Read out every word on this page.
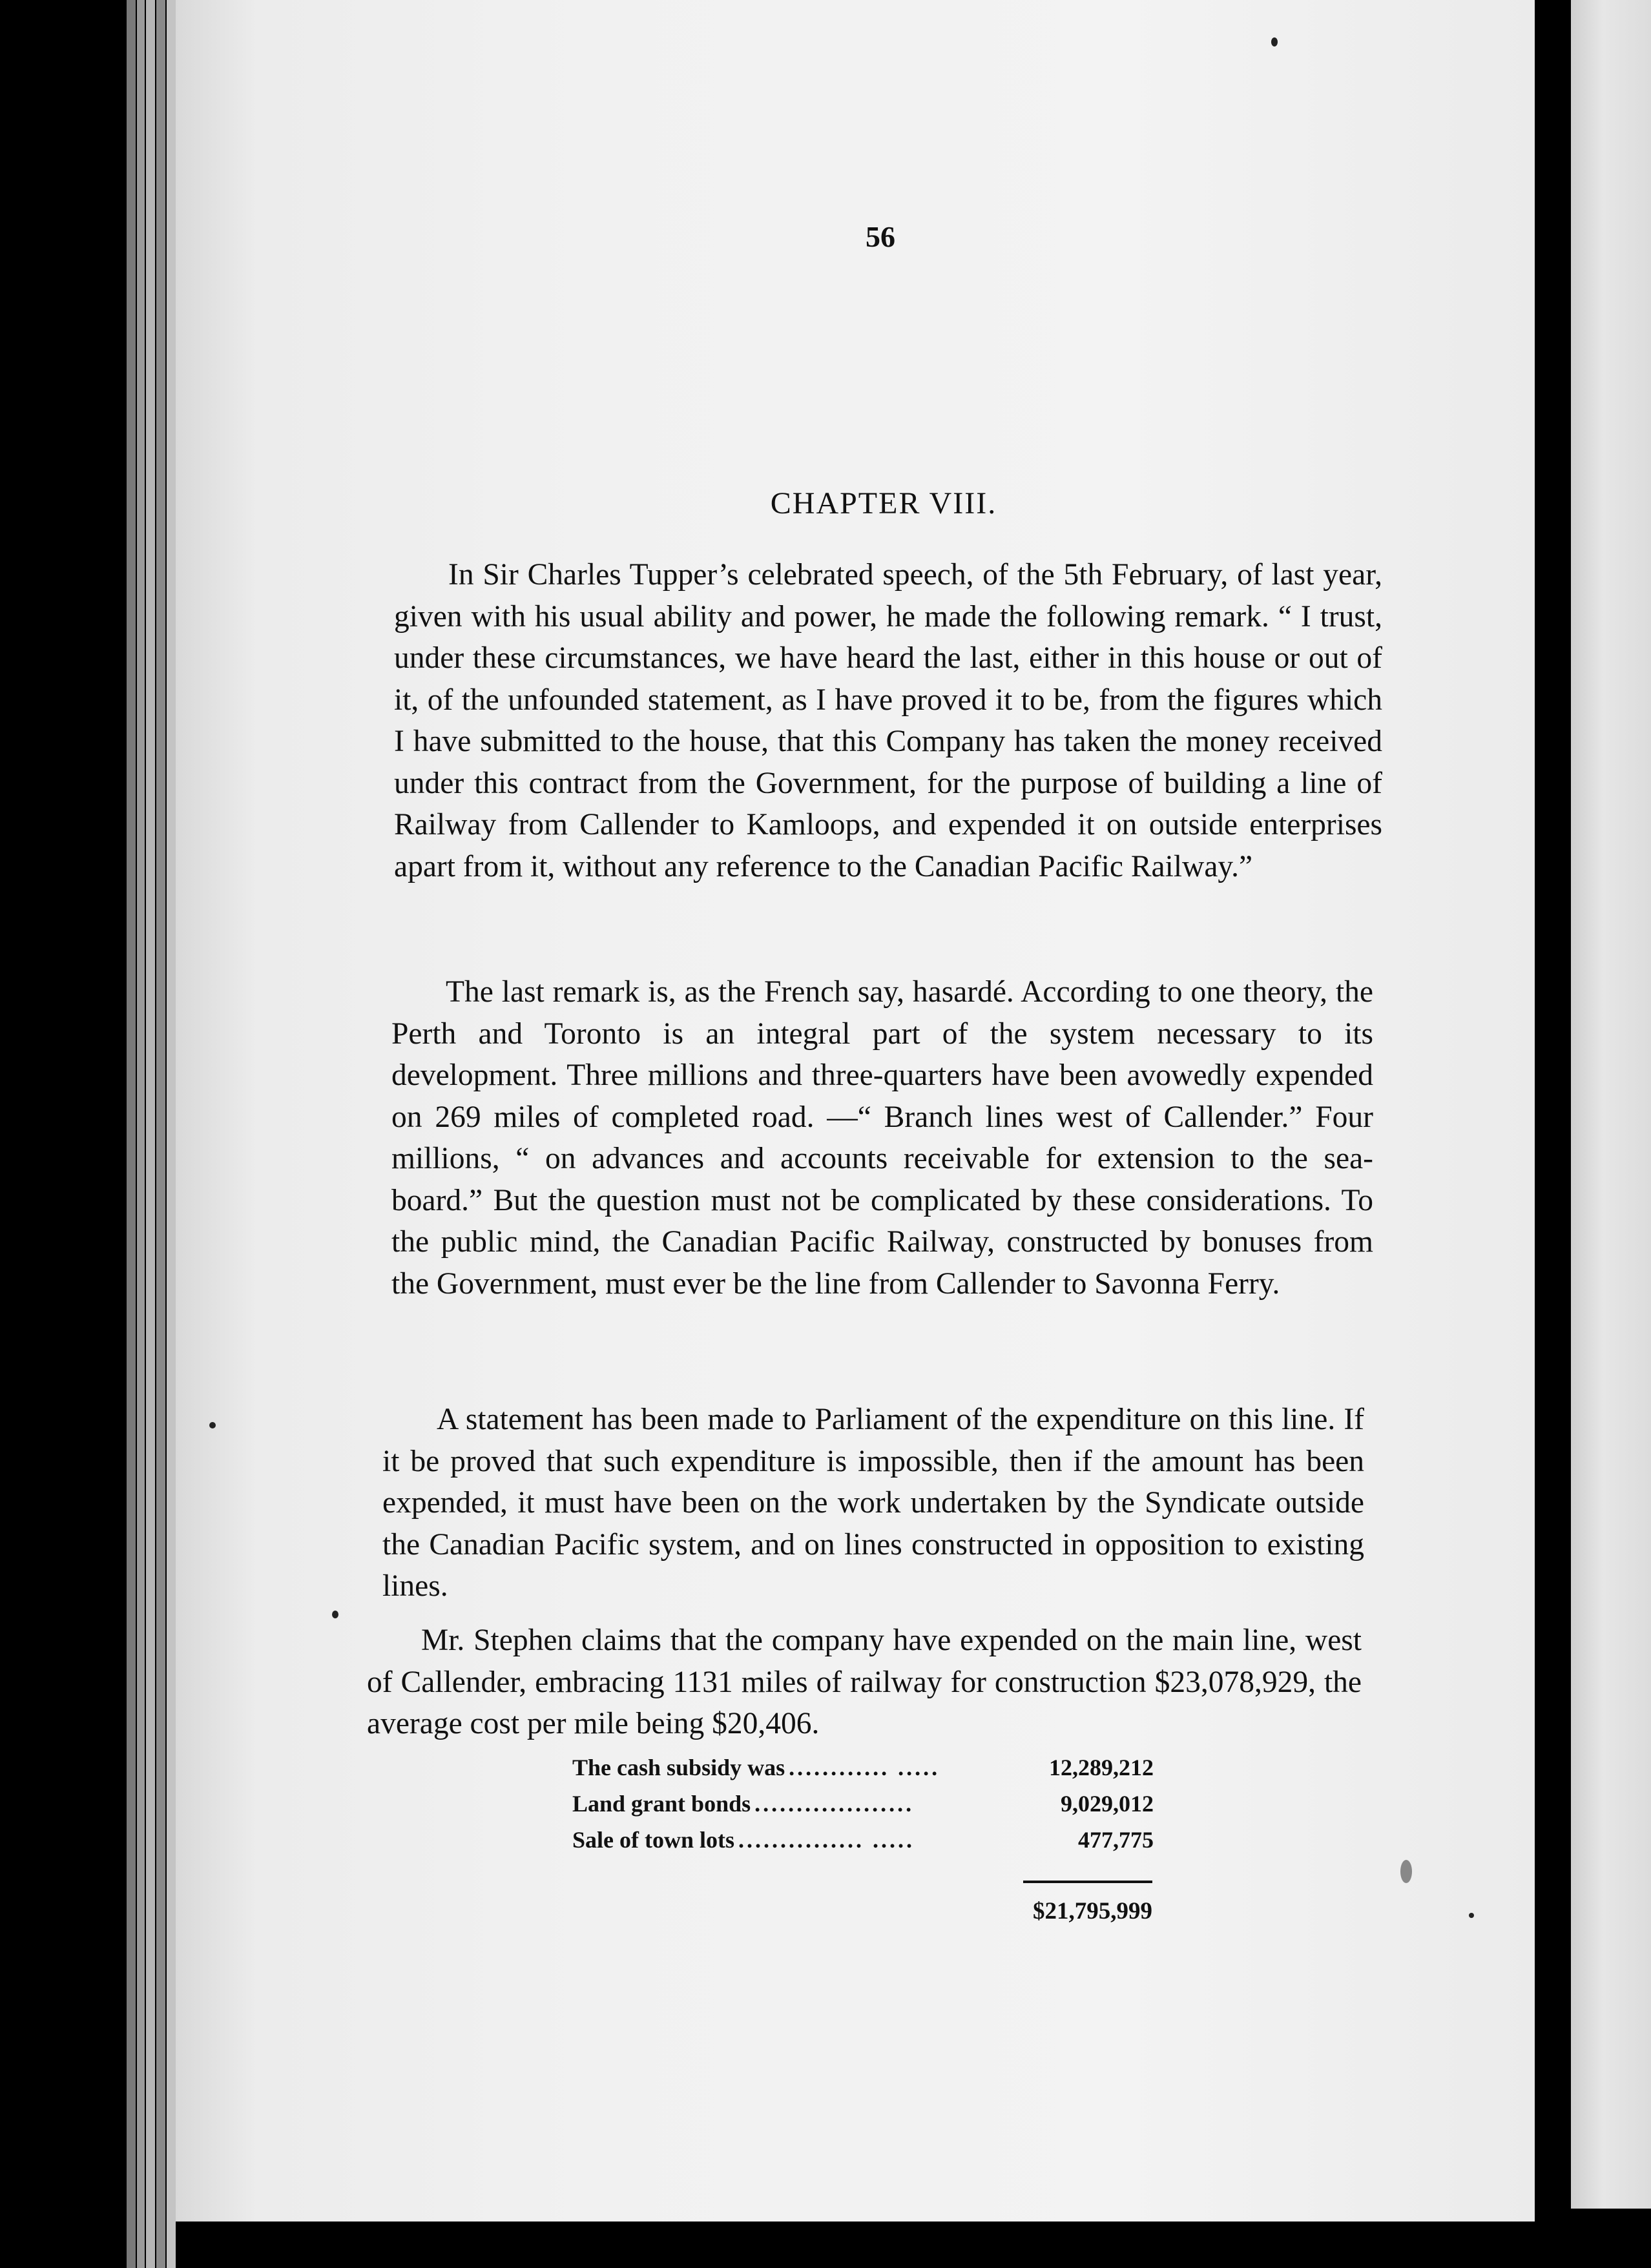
56
CHAPTER VIII.

In Sir Charles Tupper’s celebrated speech, of the 5th February, of last year, given with his usual ability and power, he made the following remark. “ I trust, under these circumstances, we have heard the last, either in this house or out of it, of the unfounded statement, as I have proved it to be, from the figures which I have submitted to the house, that this Company has taken the money received under this contract from the Government, for the purpose of building a line of Railway from Callender to Kamloops, and expended it on outside enterprises apart from it, without any reference to the Canadian Pacific Railway.”

The last remark is, as the French say, hasardé. According to one theory, the Perth and Toronto is an integral part of the system necessary to its development. Three millions and three-quarters have been avowedly expended on 269 miles of completed road. —“ Branch lines west of Callender.” Four millions, “ on advances and accounts receivable for extension to the sea-board.” But the question must not be complicated by these considerations. To the public mind, the Canadian Pacific Railway, constructed by bonuses from the Government, must ever be the line from Callender to Savonna Ferry.

A statement has been made to Parliament of the expenditure on this line. If it be proved that such expenditure is impossible, then if the amount has been expended, it must have been on the work undertaken by the Syndicate outside the Canadian Pacific system, and on lines constructed in opposition to existing lines.

Mr. Stephen claims that the company have expended on the main line, west of Callender, embracing 1131 miles of railway for construction $23,078,929, the average cost per mile being $20,406.

The cash subsidy was ............ .....	12,289,212
Land grant bonds ...................	9,029,012
Sale of town lots ............... .....	477,775
$21,795,999
